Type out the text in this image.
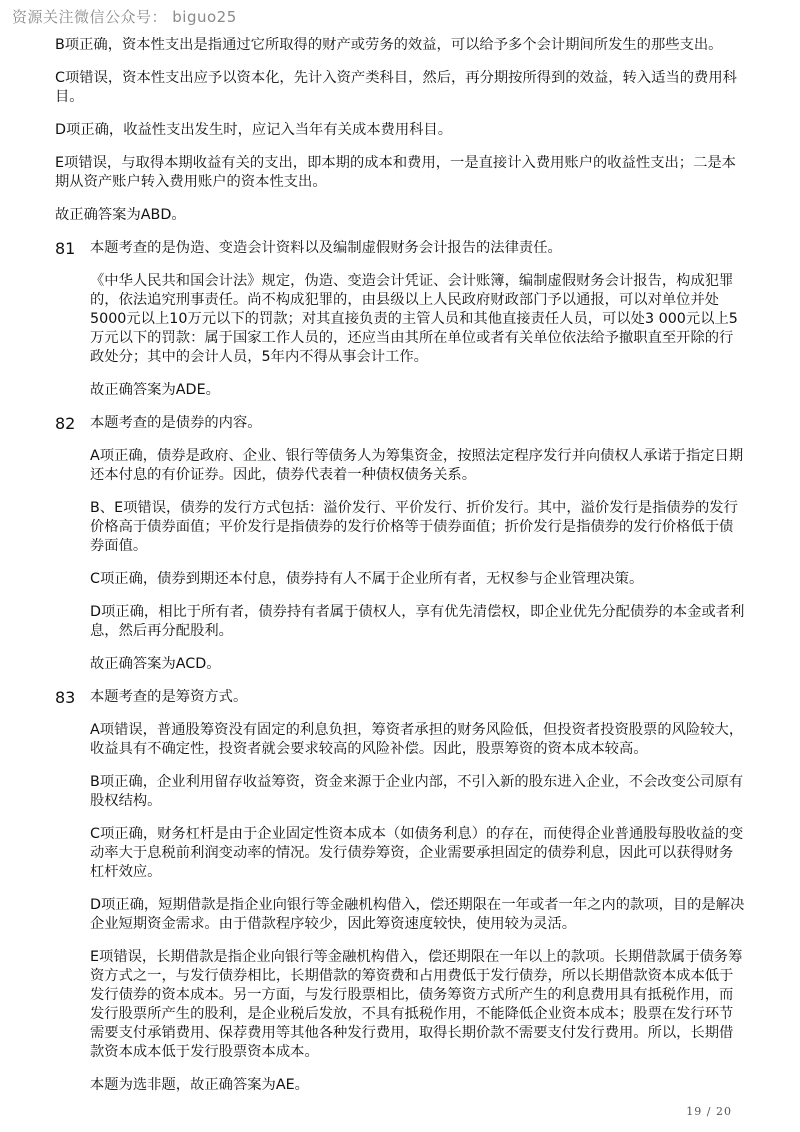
资源关注微信公众号： biguo25

B项正确，资本性支出是指通过它所取得的财产或劳务的效益，可以给予多个会计期间所发生的那些支出。

C项错误，资本性支出应予以资本化，先计入资产类科目，然后，再分期按所得到的效益，转入适当的费用科目。

D项正确，收益性支出发生时，应记入当年有关成本费用科目。

E项错误，与取得本期收益有关的支出，即本期的成本和费用，一是直接计入费用账户的收益性支出；二是本期从资产账户转入费用账户的资本性支出。

故正确答案为ABD。

81	本题考查的是伪造、变造会计资料以及编制虚假财务会计报告的法律责任。

《中华人民共和国会计法》规定，伪造、变造会计凭证、会计账簿，编制虚假财务会计报告，构成犯罪的，依法追究刑事责任。尚不构成犯罪的，由县级以上人民政府财政部门予以通报，可以对单位并处5000元以上10万元以下的罚款；对其直接负责的主管人员和其他直接责任人员，可以处3 000元以上5万元以下的罚款：属于国家工作人员的，还应当由其所在单位或者有关单位依法给予撤职直至开除的行政处分；其中的会计人员，5年内不得从事会计工作。

故正确答案为ADE。

82	本题考查的是债券的内容。

A项正确，债券是政府、企业、银行等债务人为筹集资金，按照法定程序发行并向债权人承诺于指定日期还本付息的有价证券。因此，债券代表着一种债权债务关系。

B、E项错误，债券的发行方式包括：溢价发行、平价发行、折价发行。其中，溢价发行是指债券的发行价格高于债券面值；平价发行是指债券的发行价格等于债券面值；折价发行是指债券的发行价格低于债券面值。

C项正确，债券到期还本付息，债券持有人不属于企业所有者，无权参与企业管理决策。

D项正确，相比于所有者，债券持有者属于债权人，享有优先清偿权，即企业优先分配债券的本金或者利息，然后再分配股利。

故正确答案为ACD。

83	本题考查的是筹资方式。

A项错误，普通股筹资没有固定的利息负担，筹资者承担的财务风险低，但投资者投资股票的风险较大，收益具有不确定性，投资者就会要求较高的风险补偿。因此，股票筹资的资本成本较高。

B项正确，企业利用留存收益筹资，资金来源于企业内部，不引入新的股东进入企业，不会改变公司原有股权结构。

C项正确，财务杠杆是由于企业固定性资本成本（如债务利息）的存在，而使得企业普通股每股收益的变动率大于息税前利润变动率的情况。发行债券筹资，企业需要承担固定的债券利息，因此可以获得财务杠杆效应。

D项正确，短期借款是指企业向银行等金融机构借入，偿还期限在一年或者一年之内的款项，目的是解决企业短期资金需求。由于借款程序较少，因此筹资速度较快，使用较为灵活。

E项错误，长期借款是指企业向银行等金融机构借入，偿还期限在一年以上的款项。长期借款属于债务筹资方式之一，与发行债券相比，长期借款的筹资费和占用费低于发行债券，所以长期借款资本成本低于发行债券的资本成本。另一方面，与发行股票相比，债务筹资方式所产生的利息费用具有抵税作用，而发行股票所产生的股利，是企业税后发放，不具有抵税作用，不能降低企业资本成本；股票在发行环节需要支付承销费用、保荐费用等其他各种发行费用，取得长期价款不需要支付发行费用。所以，长期借款资本成本低于发行股票资本成本。

本题为选非题，故正确答案为AE。

19 / 20
